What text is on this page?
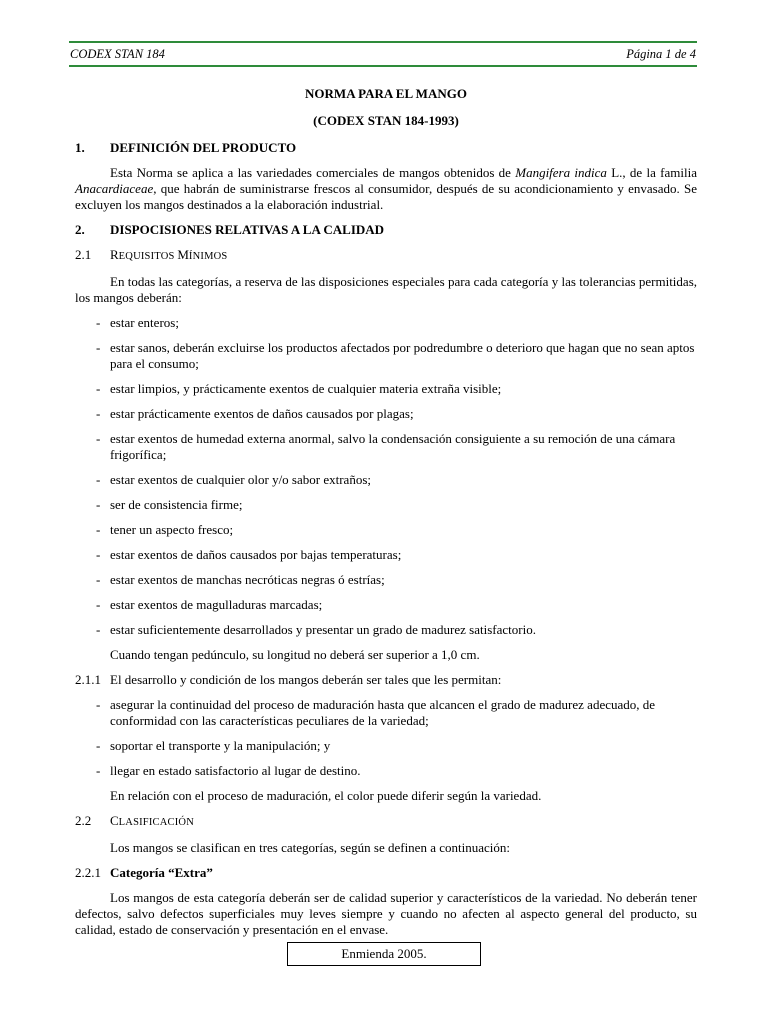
CODEX STAN 184	Página 1 de 4
NORMA PARA EL MANGO
(CODEX STAN 184-1993)
1.	DEFINICIÓN DEL PRODUCTO

Esta Norma se aplica a las variedades comerciales de mangos obtenidos de Mangifera indica L., de la familia Anacardiaceae, que habrán de suministrarse frescos al consumidor, después de su acondicionamiento y envasado. Se excluyen los mangos destinados a la elaboración industrial.

2.	DISPOCISIONES RELATIVAS A LA CALIDAD
2.1	REQUISITOS MÍNIMOS

En todas las categorías, a reserva de las disposiciones especiales para cada categoría y las tolerancias permitidas, los mangos deberán:

- estar enteros;
- estar sanos, deberán excluirse los productos afectados por podredumbre o deterioro que hagan que no sean aptos para el consumo;
- estar limpios, y prácticamente exentos de cualquier materia extraña visible;
- estar prácticamente exentos de daños causados por plagas;
- estar exentos de humedad externa anormal, salvo la condensación consiguiente a su remoción de una cámara frigorífica;
- estar exentos de cualquier olor y/o sabor extraños;
- ser de consistencia firme;
- tener un aspecto fresco;
- estar exentos de daños causados por bajas temperaturas;
- estar exentos de manchas necróticas negras ó estrías;
- estar exentos de magulladuras marcadas;
- estar suficientemente desarrollados y presentar un grado de madurez satisfactorio.

Cuando tengan pedúnculo, su longitud no deberá ser superior a 1,0 cm.

2.1.1 El desarrollo y condición de los mangos deberán ser tales que les permitan:
- asegurar la continuidad del proceso de maduración hasta que alcancen el grado de madurez adecuado, de conformidad con las características peculiares de la variedad;
- soportar el transporte y la manipulación; y
- llegar en estado satisfactorio al lugar de destino.

En relación con el proceso de maduración, el color puede diferir según la variedad.

2.2	CLASIFICACIÓN

Los mangos se clasifican en tres categorías, según se definen a continuación:

2.2.1 Categoría “Extra”

Los mangos de esta categoría deberán ser de calidad superior y característicos de la variedad. No deberán tener defectos, salvo defectos superficiales muy leves siempre y cuando no afecten al aspecto general del producto, su calidad, estado de conservación y presentación en el envase.

Enmienda 2005.
